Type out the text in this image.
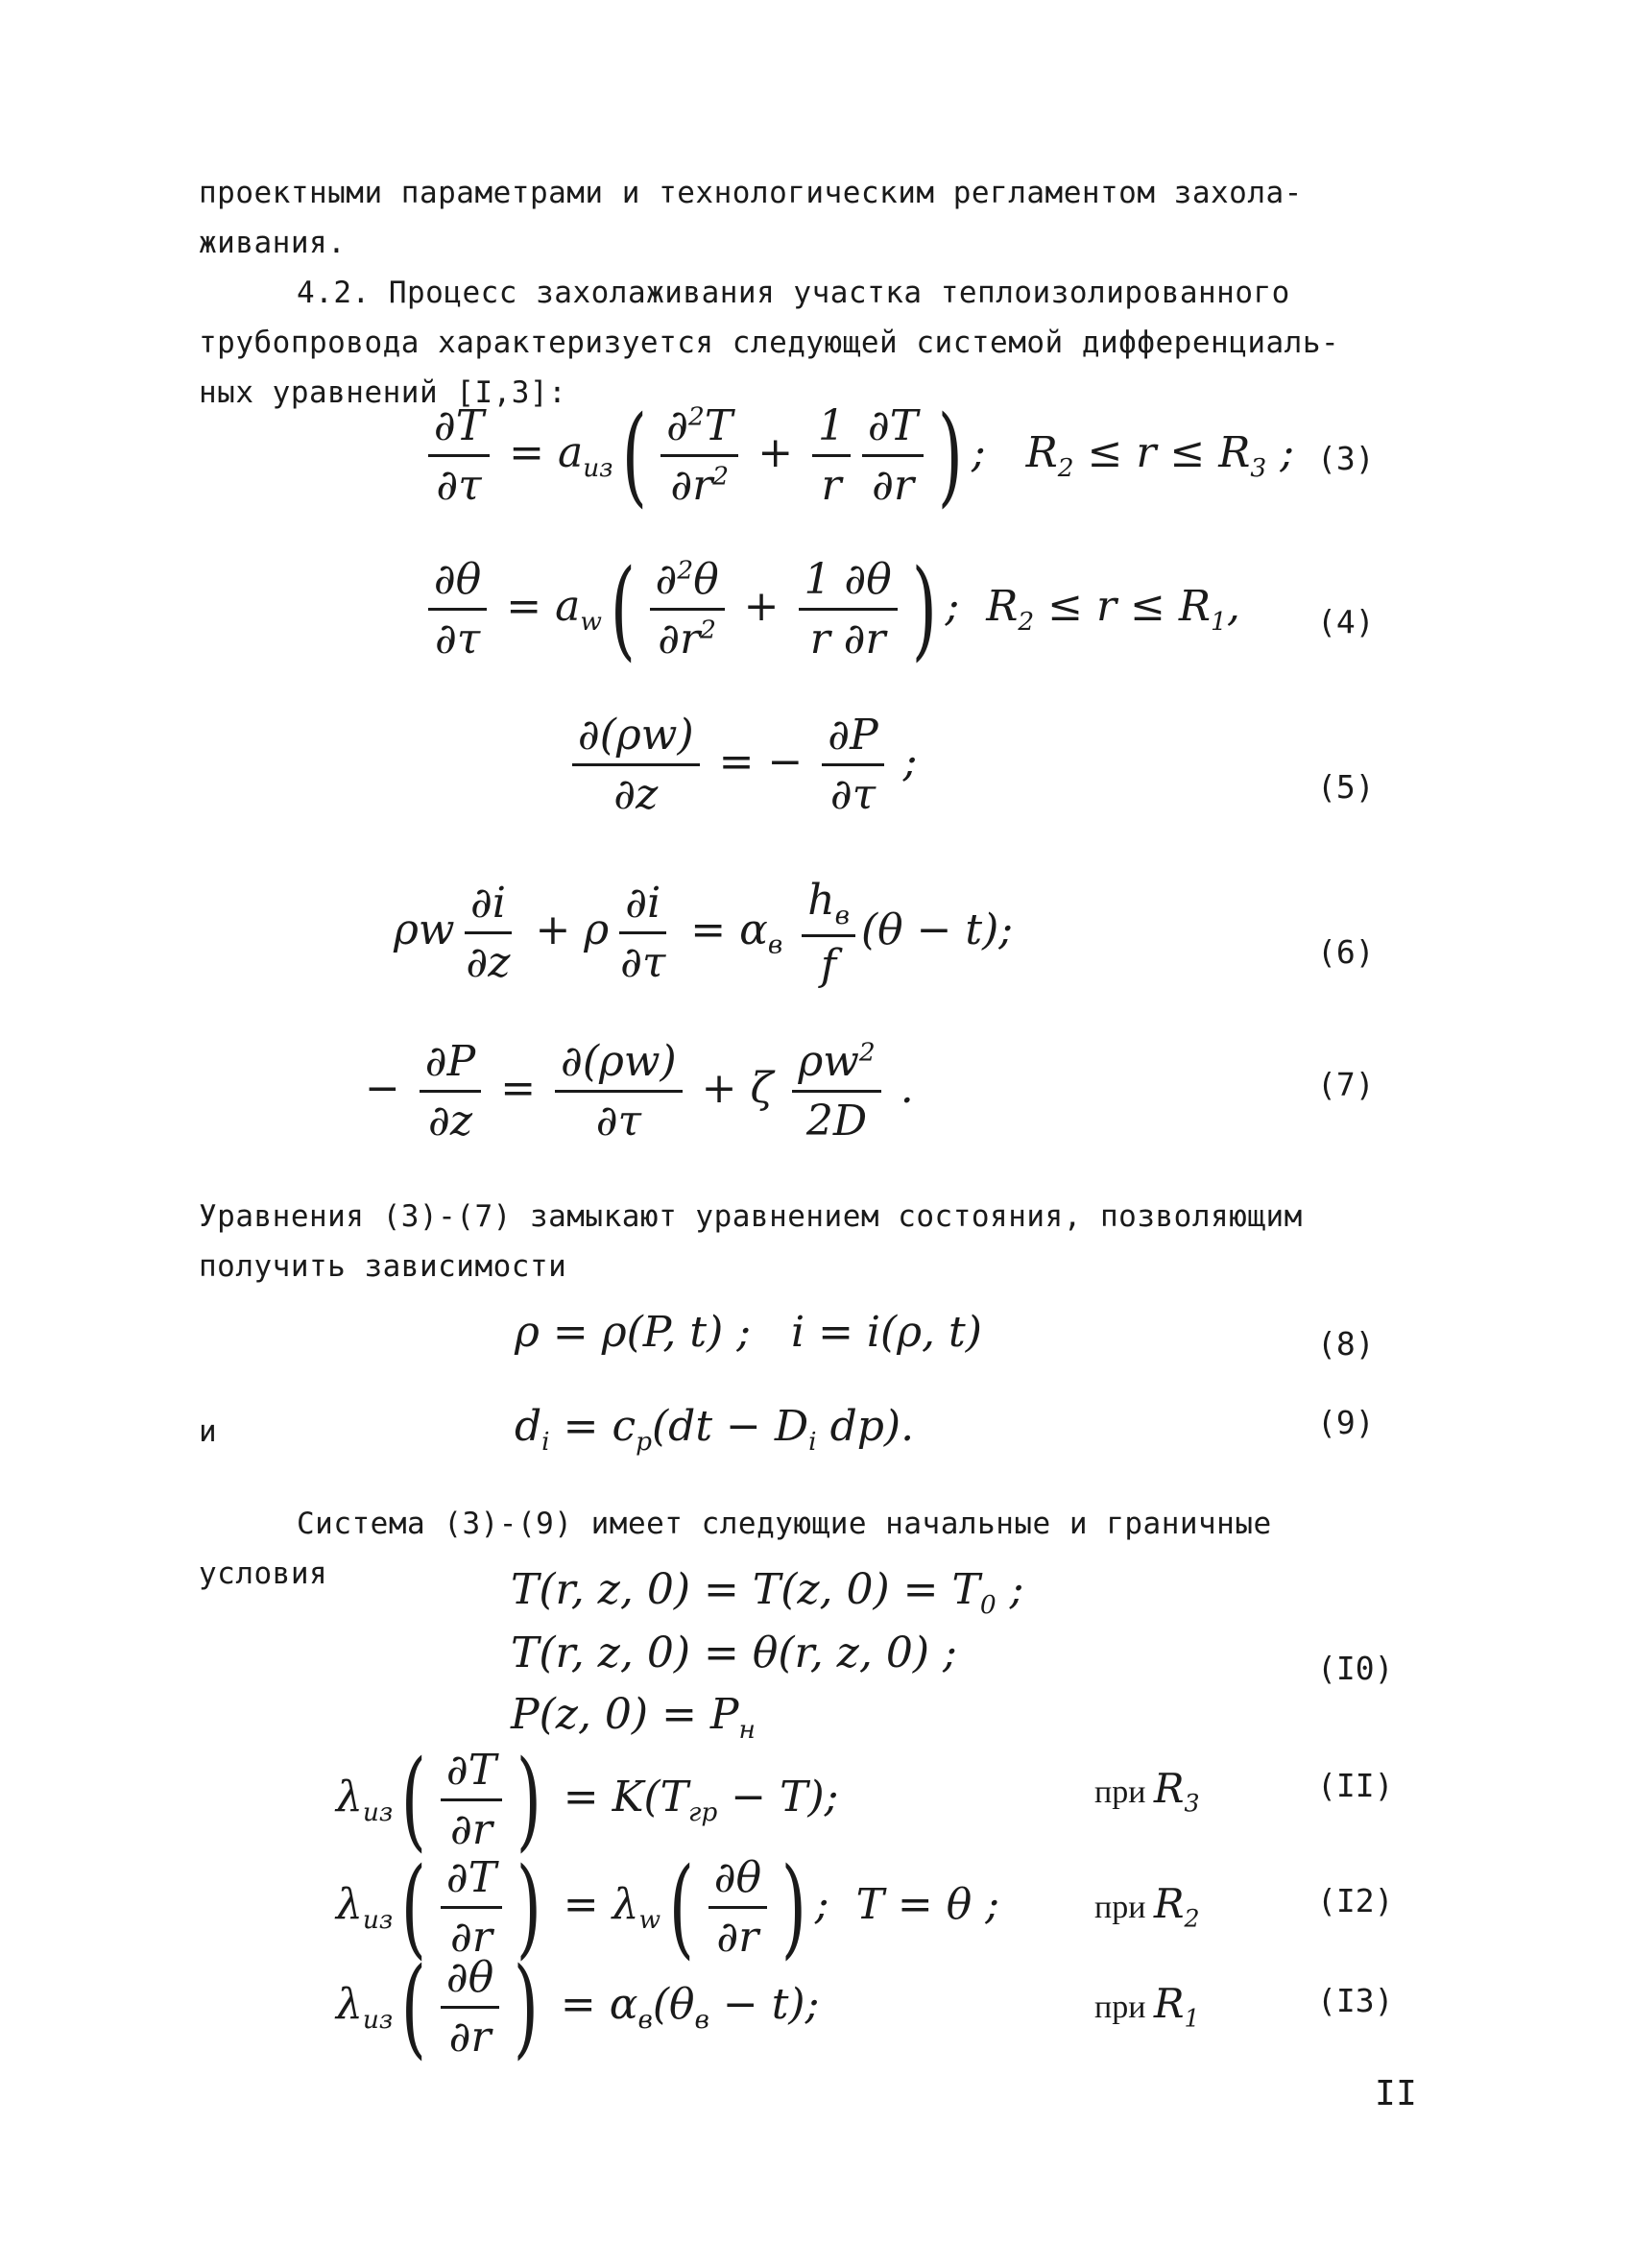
проектными параметрами и технологическим регламентом захола-
живания.
4.2. Процесс захолаживания участка теплоизолированного
трубопровода характеризуется следующей системой дифференциаль-
ных уравнений [I,3]:
$\frac{\partial T}{\partial\tau} = a_{из}( \frac{\partial^2T}{\partial r^2} + \frac{1}{r} \frac{\partial T}{\partial r}$ ) ;   $R_2 \le r \le R_3$ ; (3)
$\frac{\partial\theta}{\partial\tau} = a_w( \frac{\partial^2\theta}{\partial r^2} + \frac{1 \partial\theta}{r \partial r}$ ) ;  $R_2 \le r \le R_1$, (4)
$\frac{\partial(\rho w)}{\partial z}$ = − $\frac{\partial P}{\partial\tau}$ ;
(5)
ρw $\frac{\partial i}{\partial z} + \rho \frac{\partial i}{\partial\tau} = \alpha_в \frac{h_в}{f} (\theta - t)$;	(6)
− $\frac{\partial P}{\partial z} = \frac{\partial(\rho w)}{\partial\tau} + \zeta \frac{\rho w^2}{2D}$ .	(7)
Уравнения (3)-(7) замыкают уравнением состояния, позволяющим
получить зависимости
ρ = ρ(P, t) ;   i = i(ρ, t)	(8)
и	$d_i = c_p(dt - D_i$ dp).	(9)
Система (3)-(9) имеет следующие начальные и граничные
условия	T(r, z, 0) = T(z, $0) = T_0$ ;
T(r, z, 0) = θ(r, z, 0) ;
P(z, $0) = P_н$
(I0)
$\lambda_{из}( \frac{\partial T}{\partial r}$ ) = $K(T_{гр} - T)$;	при $R_3$	(II)
$\lambda_{из}( \frac{\partial T}{\partial r}$ ) = $\lambda_w( \frac{\partial\theta}{\partial r}$ ) ;  T = θ ;	при $R_2$	(I2)
$\lambda_{из}( \frac{\partial\theta}{\partial r}$ ) = $\alpha_в(\theta_в - t)$;	при $R_1$	(I3)
II
